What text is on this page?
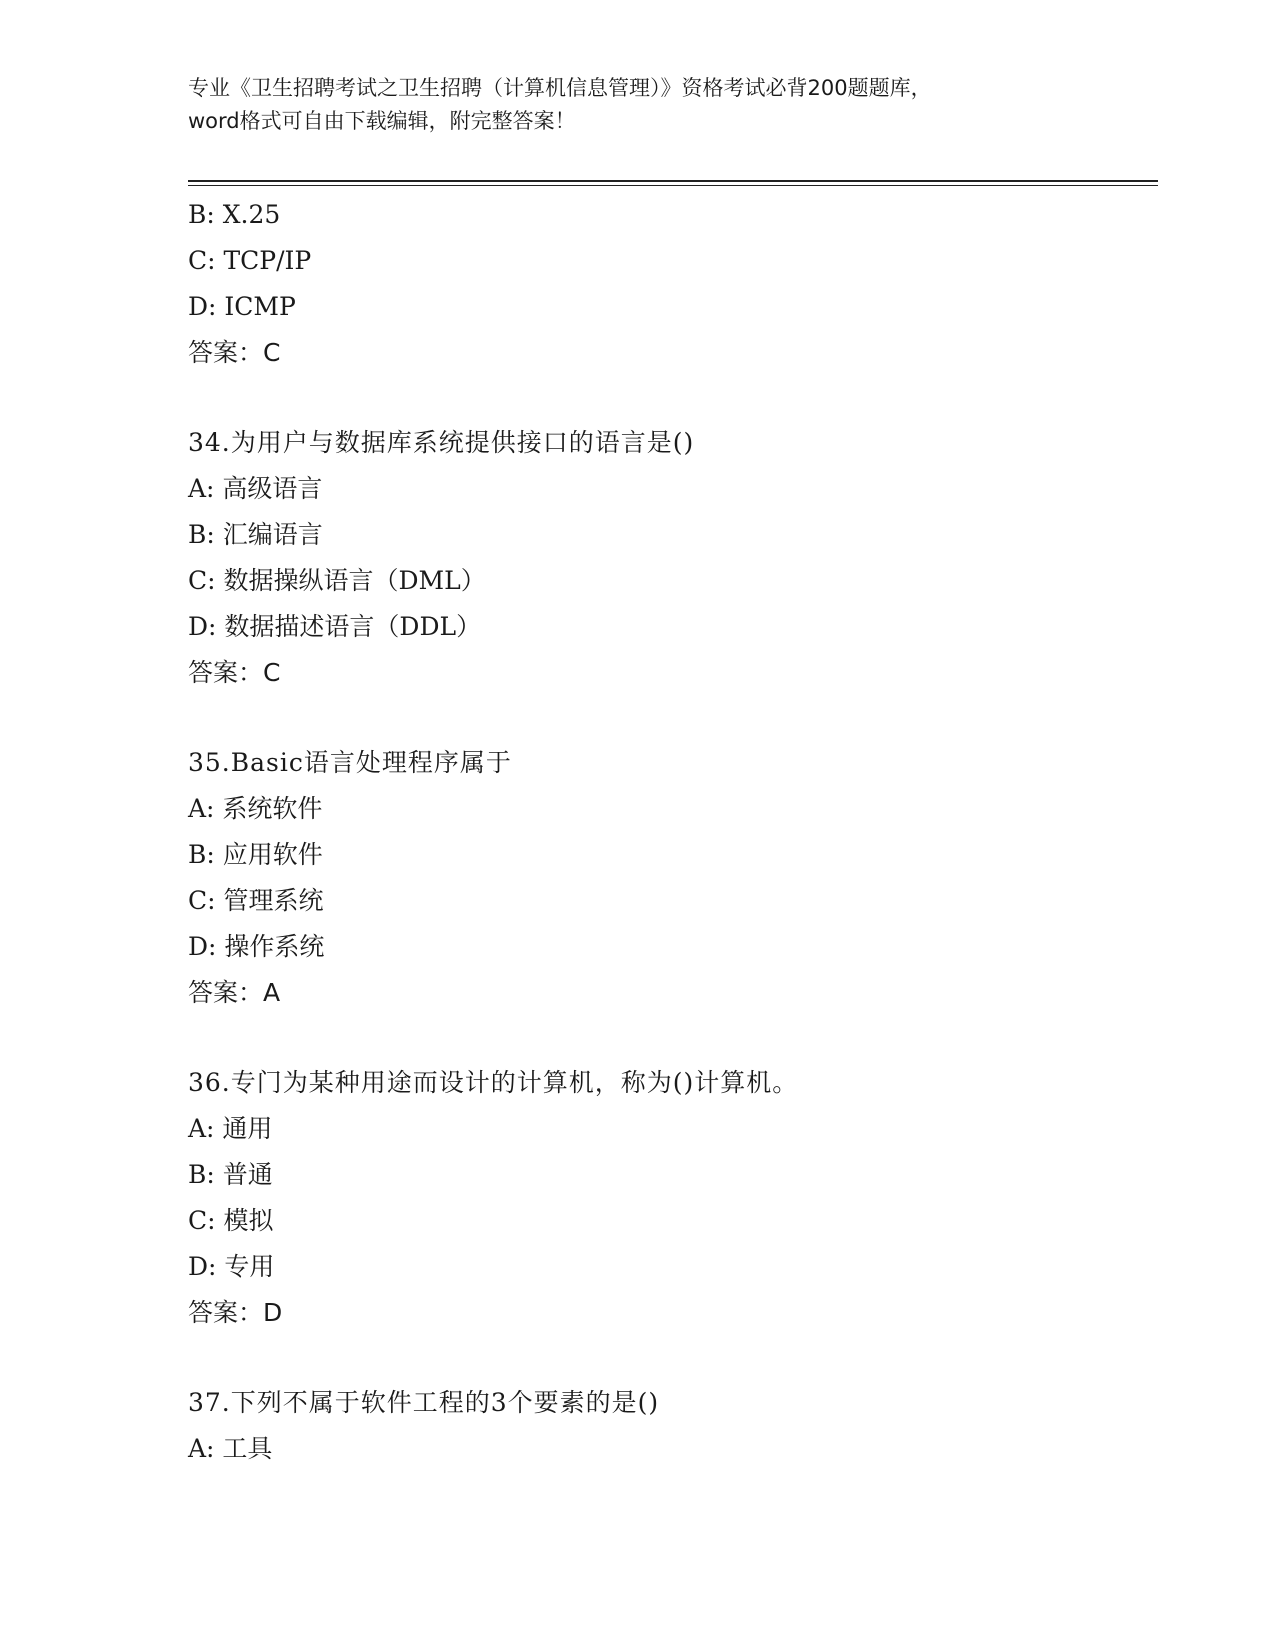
专业《卫生招聘考试之卫生招聘（计算机信息管理）》资格考试必背200题题库，
word格式可自由下载编辑，附完整答案！
B: X.25
C: TCP/IP
D: ICMP
答案：C
34.为用户与数据库系统提供接口的语言是()
A: 高级语言
B: 汇编语言
C: 数据操纵语言（DML）
D: 数据描述语言（DDL）
答案：C
35.Basic语言处理程序属于
A: 系统软件
B: 应用软件
C: 管理系统
D: 操作系统
答案：A
36.专门为某种用途而设计的计算机，称为()计算机。
A: 通用
B: 普通
C: 模拟
D: 专用
答案：D
37.下列不属于软件工程的3个要素的是()
A: 工具
